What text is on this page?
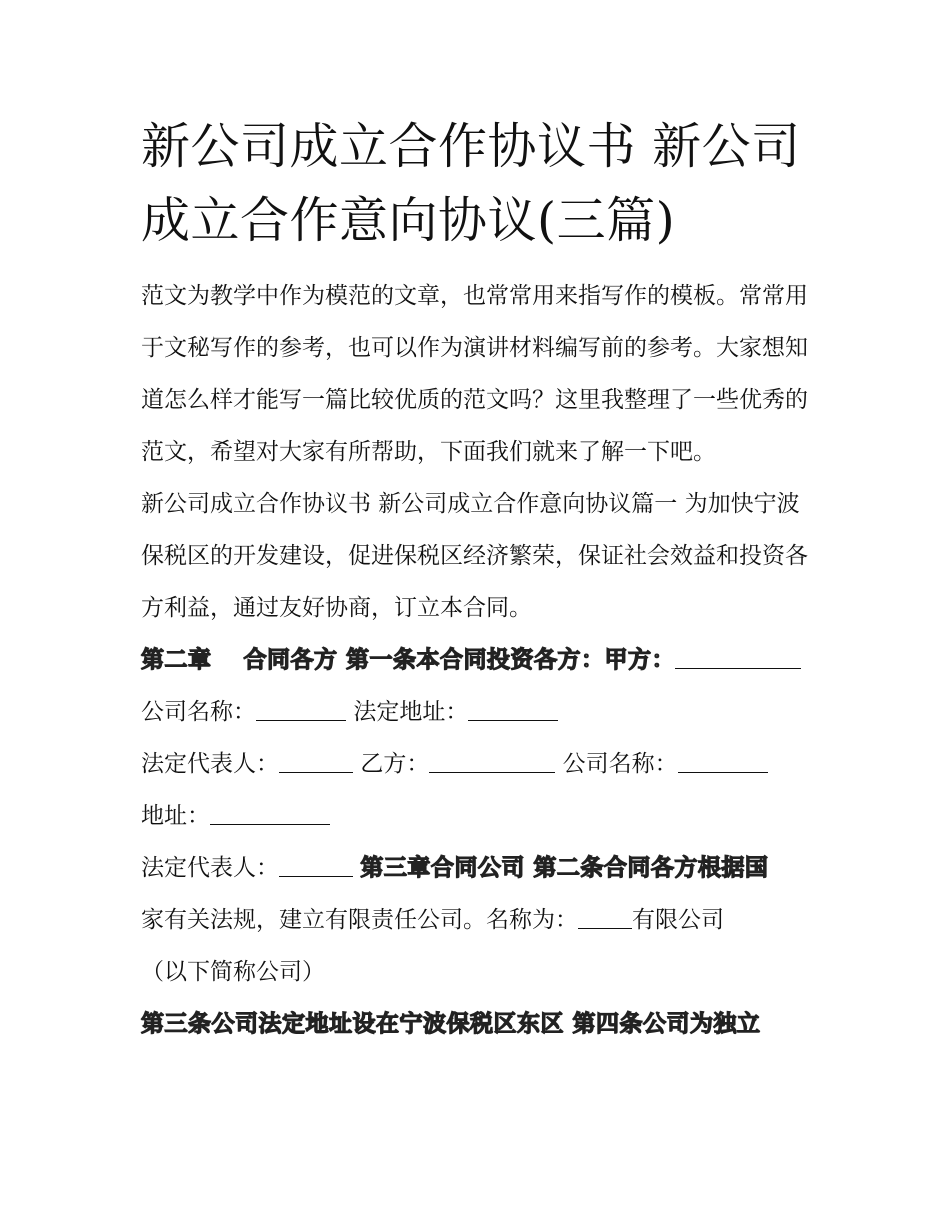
新公司成立合作协议书 新公司
成立合作意向协议(三篇)

范文为教学中作为模范的文章，也常常用来指写作的模板。常常用于文秘写作的参考，也可以作为演讲材料编写前的参考。大家想知道怎么样才能写一篇比较优质的范文吗？这里我整理了一些优秀的范文，希望对大家有所帮助，下面我们就来了解一下吧。

新公司成立合作协议书 新公司成立合作意向协议篇一 为加快宁波保税区的开发建设，促进保税区经济繁荣，保证社会效益和投资各方利益，通过友好协商，订立本合同。

第二章　 合同各方 第一条本合同投资各方：甲方：
公司名称：	法定地址：
法定代表人：	乙方：	公司名称：
地址：
法定代表人：	第三章合同公司 第二条合同各方根据国
家有关法规，建立有限责任公司。名称为： 有限公司
（以下简称公司）
第三条公司法定地址设在宁波保税区东区 第四条公司为独立
